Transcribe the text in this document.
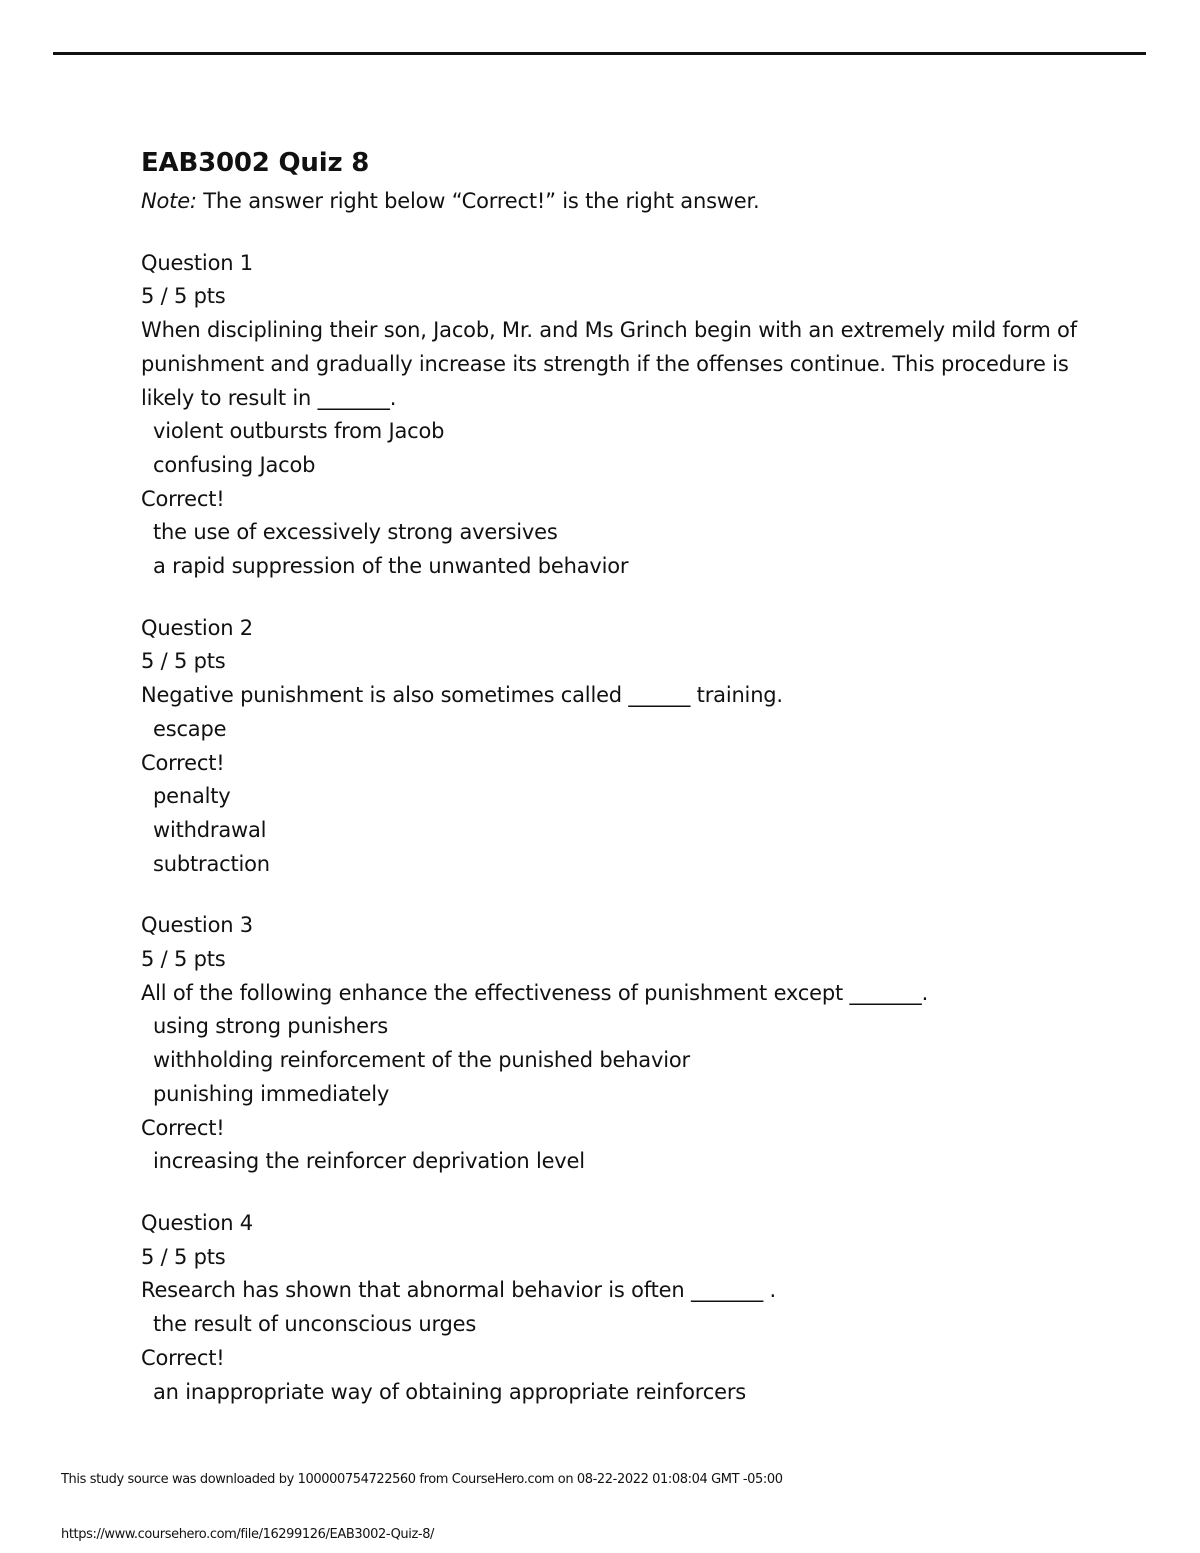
EAB3002 Quiz 8
Note: The answer right below “Correct!” is the right answer.
Question 1
5 / 5 pts
When disciplining their son, Jacob, Mr. and Ms Grinch begin with an extremely mild form of punishment and gradually increase its strength if the offenses continue. This procedure is likely to result in _______.
violent outbursts from Jacob
confusing Jacob
Correct!
the use of excessively strong aversives
a rapid suppression of the unwanted behavior
Question 2
5 / 5 pts
Negative punishment is also sometimes called ______ training.
escape
Correct!
penalty
withdrawal
subtraction
Question 3
5 / 5 pts
All of the following enhance the effectiveness of punishment except _______.
using strong punishers
withholding reinforcement of the punished behavior
punishing immediately
Correct!
increasing the reinforcer deprivation level
Question 4
5 / 5 pts
Research has shown that abnormal behavior is often _______ .
the result of unconscious urges
Correct!
an inappropriate way of obtaining appropriate reinforcers
This study source was downloaded by 100000754722560 from CourseHero.com on 08-22-2022 01:08:04 GMT -05:00
https://www.coursehero.com/file/16299126/EAB3002-Quiz-8/
